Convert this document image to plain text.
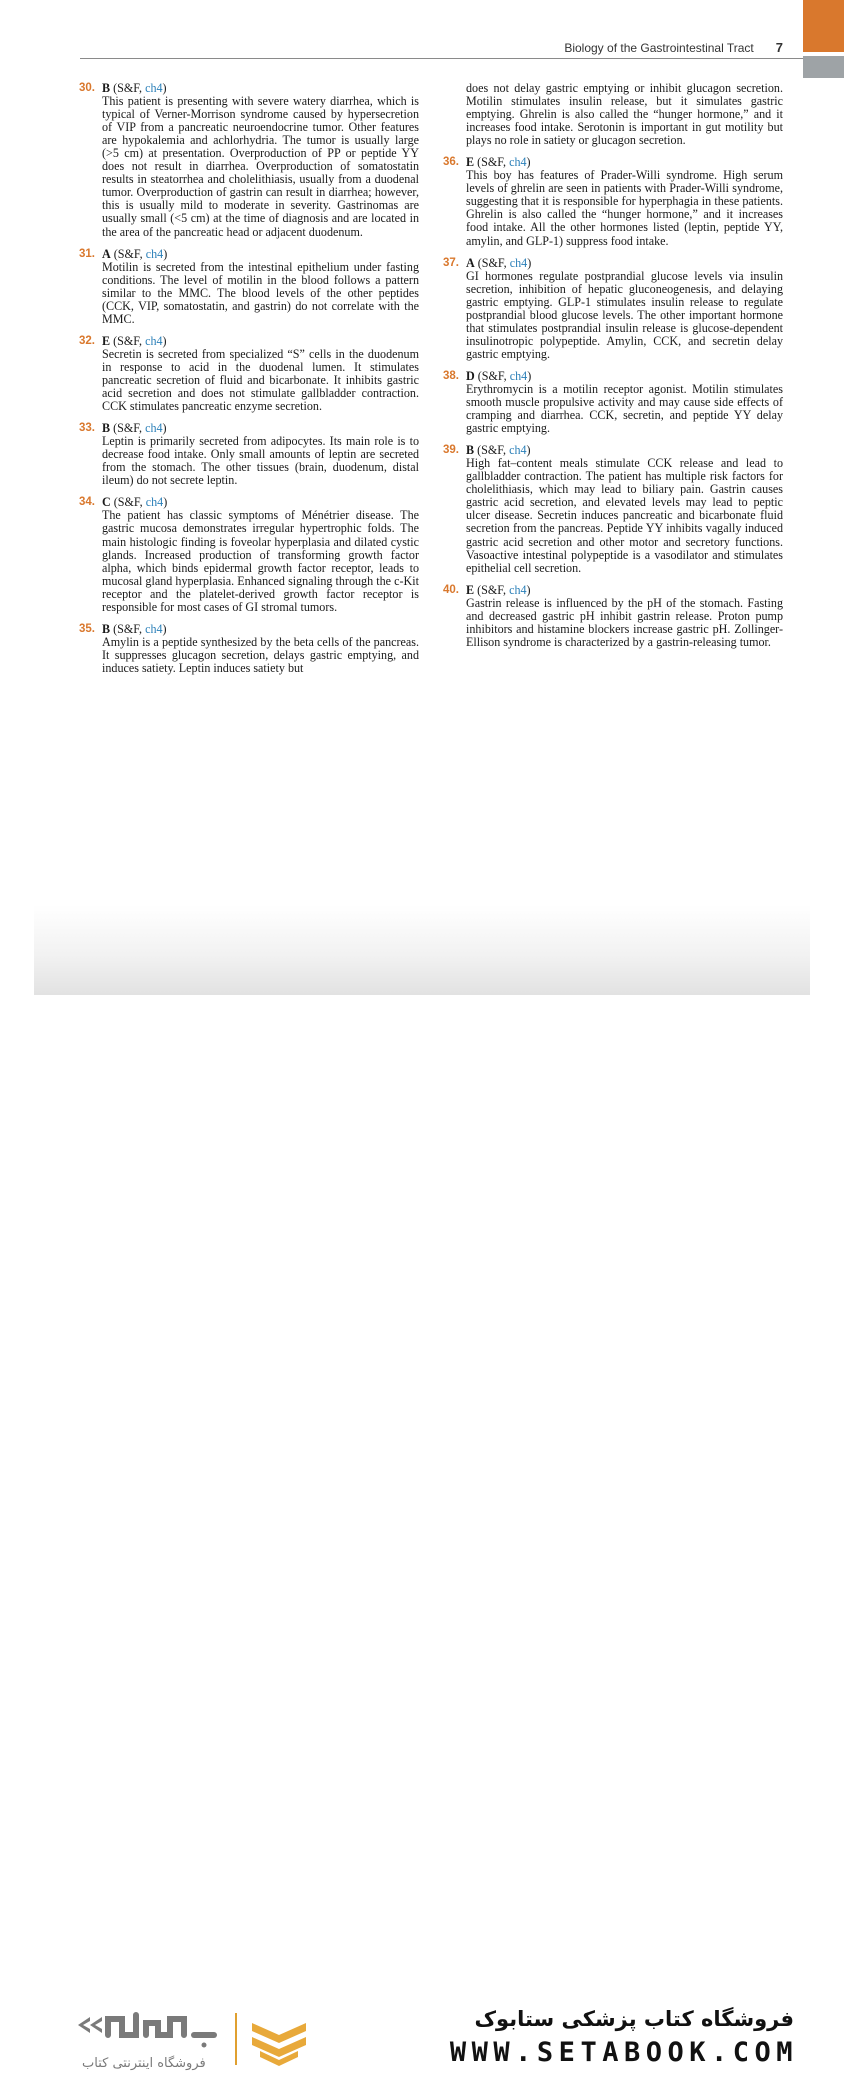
Biology of the Gastrointestinal Tract 7
30. B (S&F, ch4)

This patient is presenting with severe watery diarrhea, which is typical of Verner-Morrison syndrome caused by hypersecretion of VIP from a pancreatic neuroendocrine tumor. Other features are hypokalemia and achlorhydria. The tumor is usually large (>5 cm) at presentation. Overproduction of PP or peptide YY does not result in diarrhea. Overproduction of somatostatin results in steatorrhea and cholelithiasis, usually from a duodenal tumor. Overproduction of gastrin can result in diarrhea; however, this is usually mild to moderate in severity. Gastrinomas are usually small (<5 cm) at the time of diagnosis and are located in the area of the pancreatic head or adjacent duodenum.

31. A (S&F, ch4)

Motilin is secreted from the intestinal epithelium under fasting conditions. The level of motilin in the blood follows a pattern similar to the MMC. The blood levels of the other peptides (CCK, VIP, somatostatin, and gastrin) do not correlate with the MMC.

32. E (S&F, ch4)

Secretin is secreted from specialized “S” cells in the duodenum in response to acid in the duodenal lumen. It stimulates pancreatic secretion of fluid and bicarbonate. It inhibits gastric acid secretion and does not stimulate gallbladder contraction. CCK stimulates pancreatic enzyme secretion.

33. B (S&F, ch4)

Leptin is primarily secreted from adipocytes. Its main role is to decrease food intake. Only small amounts of leptin are secreted from the stomach. The other tissues (brain, duodenum, distal ileum) do not secrete leptin.

34. C (S&F, ch4)

The patient has classic symptoms of Ménétrier disease. The gastric mucosa demonstrates irregular hypertrophic folds. The main histologic finding is foveolar hyperplasia and dilated cystic glands. Increased production of transforming growth factor alpha, which binds epidermal growth factor receptor, leads to mucosal gland hyperplasia. Enhanced signaling through the c-Kit receptor and the platelet-derived growth factor receptor is responsible for most cases of GI stromal tumors.

35. B (S&F, ch4)

Amylin is a peptide synthesized by the beta cells of the pancreas. It suppresses glucagon secretion, delays gastric emptying, and induces satiety. Leptin induces satiety but

does not delay gastric emptying or inhibit glucagon secretion. Motilin stimulates insulin release, but it simulates gastric emptying. Ghrelin is also called the “hunger hormone,” and it increases food intake. Serotonin is important in gut motility but plays no role in satiety or glucagon secretion.

36. E (S&F, ch4)

This boy has features of Prader-Willi syndrome. High serum levels of ghrelin are seen in patients with Prader-Willi syndrome, suggesting that it is responsible for hyperphagia in these patients. Ghrelin is also called the “hunger hormone,” and it increases food intake. All the other hormones listed (leptin, peptide YY, amylin, and GLP-1) suppress food intake.

37. A (S&F, ch4)

GI hormones regulate postprandial glucose levels via insulin secretion, inhibition of hepatic gluconeogenesis, and delaying gastric emptying. GLP-1 stimulates insulin release to regulate postprandial blood glucose levels. The other important hormone that stimulates postprandial insulin release is glucose-dependent insulinotropic polypeptide. Amylin, CCK, and secretin delay gastric emptying.

38. D (S&F, ch4)

Erythromycin is a motilin receptor agonist. Motilin stimulates smooth muscle propulsive activity and may cause side effects of cramping and diarrhea. CCK, secretin, and peptide YY delay gastric emptying.

39. B (S&F, ch4)

High fat–content meals stimulate CCK release and lead to gallbladder contraction. The patient has multiple risk factors for cholelithiasis, which may lead to biliary pain. Gastrin causes gastric acid secretion, and elevated levels may lead to peptic ulcer disease. Secretin induces pancreatic and bicarbonate fluid secretion from the pancreas. Peptide YY inhibits vagally induced gastric acid secretion and other motor and secretory functions. Vasoactive intestinal polypeptide is a vasodilator and stimulates epithelial cell secretion.

40. E (S&F, ch4)

Gastrin release is influenced by the pH of the stomach. Fasting and decreased gastric pH inhibit gastrin release. Proton pump inhibitors and histamine blockers increase gastric pH. Zollinger-Ellison syndrome is characterized by a gastrin-releasing tumor.

فروشگاه اینترنتی کتاب
فروشگاه کتاب پزشکی ستابوک
WWW.SETABOOK.COM
